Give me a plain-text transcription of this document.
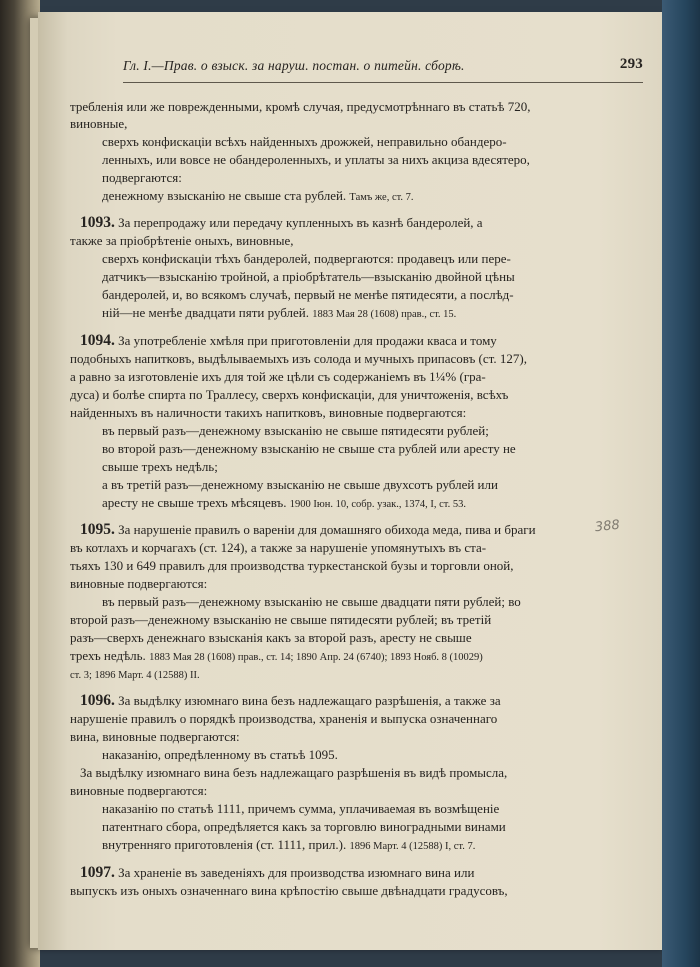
Гл. I.—Прав. о взыск. за наруш. постан. о питейн. сборѣ.	293
388
требленiя или же поврежденными, кромѣ случая, предусмотрѣннаго въ статьѣ 720,
виновные,
сверхъ конфискацiи всѣхъ найденныхъ дрожжей, неправильно обандеро-
ленныхъ, или вовсе не обандероленныхъ, и уплаты за нихъ акциза вдесятеро,
подвергаются:
денежному взысканiю не свыше ста рублей. Тамъ же, ст. 7.
1093. За перепродажу или передачу купленныхъ въ казнѣ бандеролей, а
также за прiобрѣтенiе оныхъ, виновные,
сверхъ конфискацiи тѣхъ бандеролей, подвергаются: продавецъ или пере-
датчикъ—взысканiю тройной, а прiобрѣтатель—взысканiю двойной цѣны
бандеролей, и, во всякомъ случаѣ, первый не менѣе пятидесяти, а послѣд-
нiй—не менѣе двадцати пяти рублей. 1883 Мая 28 (1608) прав., ст. 15.
1094. За употребленiе хмѣля при приготовленiи для продажи кваса и тому
подобныхъ напитковъ, выдѣлываемыхъ изъ солода и мучныхъ припасовъ (ст. 127),
а равно за изготовленiе ихъ для той же цѣли съ содержанiемъ въ 1¼% (гра-
дуса) и болѣе спирта по Траллесу, сверхъ конфискацiи, для уничтоженiя, всѣхъ
найденныхъ въ наличности такихъ напитковъ, виновные подвергаются:
въ первый разъ—денежному взысканiю не свыше пятидесяти рублей;
во второй разъ—денежному взысканiю не свыше ста рублей или аресту не
свыше трехъ недѣль;
а въ третiй разъ—денежному взысканiю не свыше двухсотъ рублей или
аресту не свыше трехъ мѣсяцевъ. 1900 Iюн. 10, собр. узак., 1374, I, ст. 53.
1095. За нарушенiе правилъ о варенiи для домашняго обихода меда, пива и браги
въ котлахъ и корчагахъ (ст. 124), а также за нарушенiе упомянутыхъ въ ста-
тьяхъ 130 и 649 правилъ для производства туркестанской бузы и торговли оной,
виновные подвергаются:
въ первый разъ—денежному взысканiю не свыше двадцати пяти рублей; во
второй разъ—денежному взысканiю не свыше пятидесяти рублей; въ третiй
разъ—сверхъ денежнаго взысканiя какъ за второй разъ, аресту не свыше
трехъ недѣль. 1883 Мая 28 (1608) прав., ст. 14; 1890 Апр. 24 (6740); 1893 Нояб. 8 (10029)
ст. 3; 1896 Март. 4 (12588) II.
1096. За выдѣлку изюмнаго вина безъ надлежащаго разрѣшенiя, а также за
нарушенiе правилъ о порядкѣ производства, храненiя и выпуска означеннаго
вина, виновные подвергаются:
наказанiю, опредѣленному въ статьѣ 1095.
За выдѣлку изюмнаго вина безъ надлежащаго разрѣшенiя въ видѣ промысла,
виновные подвергаются:
наказанiю по статьѣ 1111, причемъ сумма, уплачиваемая въ возмѣщенiе
патентнаго сбора, опредѣляется какъ за торговлю виноградными винами
внутренняго приготовленiя (ст. 1111, прил.). 1896 Март. 4 (12588) I, ст. 7.
1097. За храненiе въ заведенiяхъ для производства изюмнаго вина или
выпускъ изъ оныхъ означеннаго вина крѣпостiю свыше двѣнадцати градусовъ,
